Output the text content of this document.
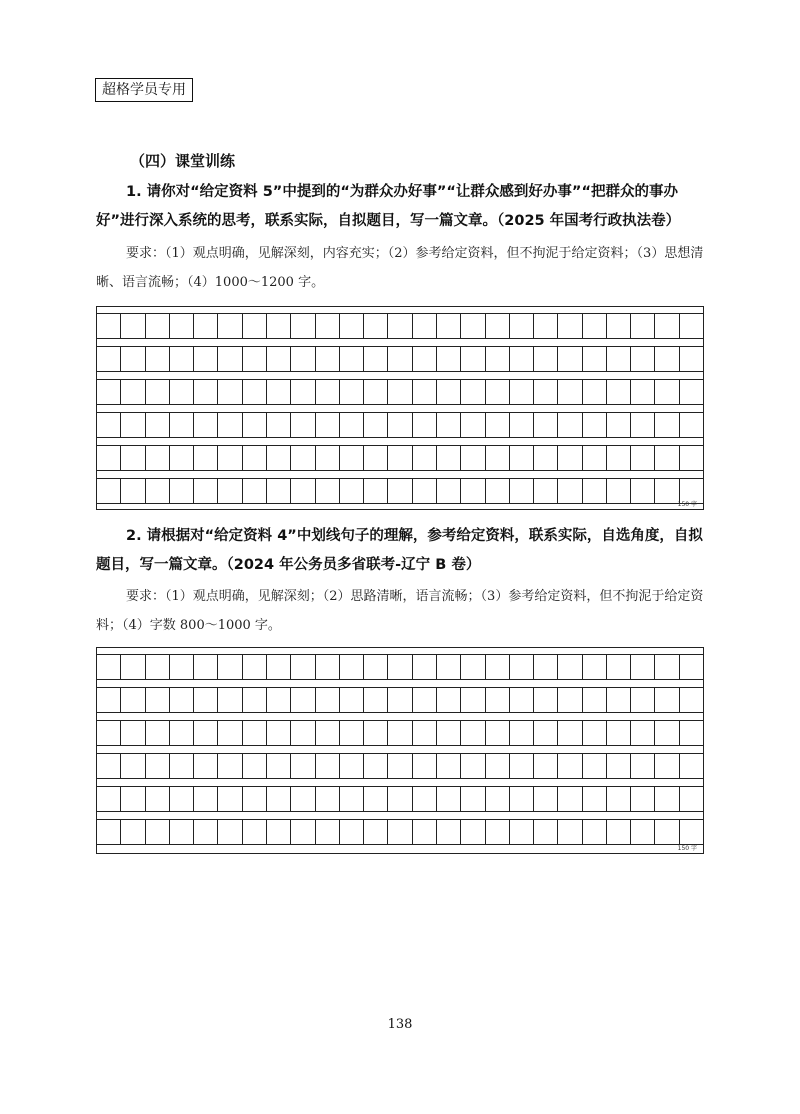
超格学员专用
（四）课堂训练
1. 请你对“给定资料 5”中提到的“为群众办好事”“让群众感到好办事”“把群众的事办好”进行深入系统的思考，联系实际，自拟题目，写一篇文章。（2025 年国考行政执法卷）
要求：（1）观点明确，见解深刻，内容充实；（2）参考给定资料，但不拘泥于给定资料；（3）思想清晰、语言流畅；（4）1000～1200 字。
150 字
2. 请根据对“给定资料 4”中划线句子的理解，参考给定资料，联系实际，自选角度，自拟题目，写一篇文章。（2024 年公务员多省联考-辽宁 B 卷）
要求：（1）观点明确，见解深刻；（2）思路清晰，语言流畅；（3）参考给定资料，但不拘泥于给定资料；（4）字数 800～1000 字。
150 字
138
